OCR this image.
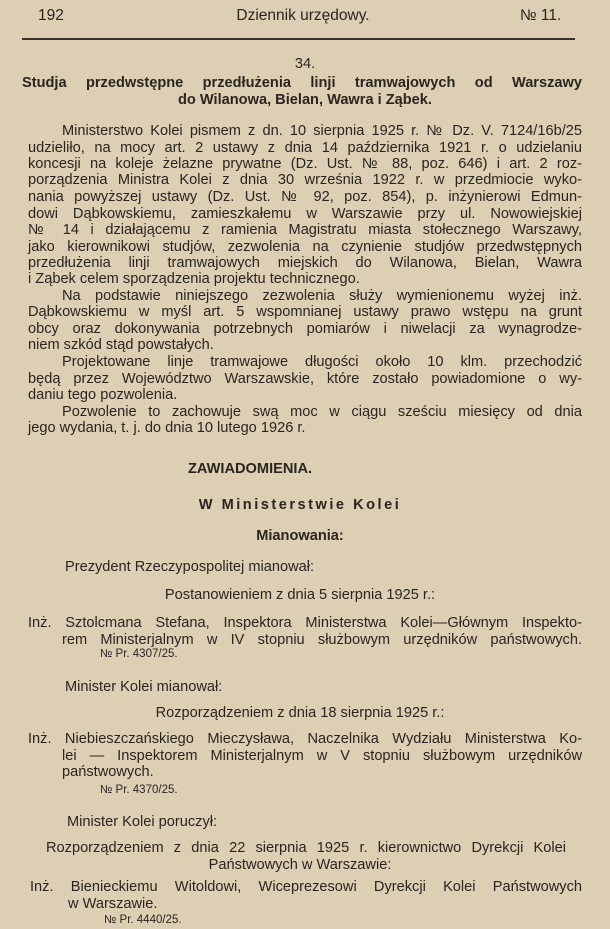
192	Dziennik urzędowy.	№ 11.
34.
Studja przedwstępne przedłużenia linji tramwajowych od Warszawy
do Wilanowa, Bielan, Wawra i Ząbek.
Ministerstwo Kolei pismem z dn. 10 sierpnia 1925 r. № Dz. V. 7124/16b/25
udzieliło, na mocy art. 2 ustawy z dnia 14 października 1921 r. o udzielaniu
koncesji na koleje żelazne prywatne (Dz. Ust. № 88, poz. 646) i art. 2 roz-
porządzenia Ministra Kolei z dnia 30 września 1922 r. w przedmiocie wyko-
nania powyższej ustawy (Dz. Ust. № 92, poz. 854), p. inżynierowi Edmun-
dowi Dąbkowskiemu, zamieszkałemu w Warszawie przy ul. Nowowiejskiej
№ 14 i działającemu z ramienia Magistratu miasta stołecznego Warszawy,
jako kierownikowi studjów, zezwolenia na czynienie studjów przedwstępnych
przedłużenia linji tramwajowych miejskich do Wilanowa, Bielan, Wawra
i Ząbek celem sporządzenia projektu technicznego.
Na podstawie niniejszego zezwolenia służy wymienionemu wyżej inż.
Dąbkowskiemu w myśl art. 5 wspomnianej ustawy prawo wstępu na grunt
obcy oraz dokonywania potrzebnych pomiarów i niwelacji za wynagrodze-
niem szkód stąd powstałych.
Projektowane linje tramwajowe długości około 10 klm. przechodzić
będą przez Województwo Warszawskie, które zostało powiadomione o wy-
daniu tego pozwolenia.
Pozwolenie to zachowuje swą moc w ciągu sześciu miesięcy od dnia
jego wydania, t. j. do dnia 10 lutego 1926 r.
ZAWIADOMIENIA.
W Ministerstwie Kolei
Mianowania:
Prezydent Rzeczypospolitej mianował:
Postanowieniem z dnia 5 sierpnia 1925 r.:
Inż. Sztolcmana Stefana, Inspektora Ministerstwa Kolei—Głównym Inspekto-
rem Ministerjalnym w IV stopniu służbowym urzędników państwowych.
№ Pr. 4307/25.
Minister Kolei mianował:
Rozporządzeniem z dnia 18 sierpnia 1925 r.:
Inż. Niebieszczańskiego Mieczysława, Naczelnika Wydziału Ministerstwa Ko-
lei — Inspektorem Ministerjalnym w V stopniu służbowym urzędników
państwowych.
№ Pr. 4370/25.
Minister Kolei poruczył:
Rozporządzeniem z dnia 22 sierpnia 1925 r. kierownictwo Dyrekcji Kolei
Państwowych w Warszawie:
Inż. Bienieckiemu Witoldowi, Wiceprezesowi Dyrekcji Kolei Państwowych
w Warszawie.
№ Pr. 4440/25.
